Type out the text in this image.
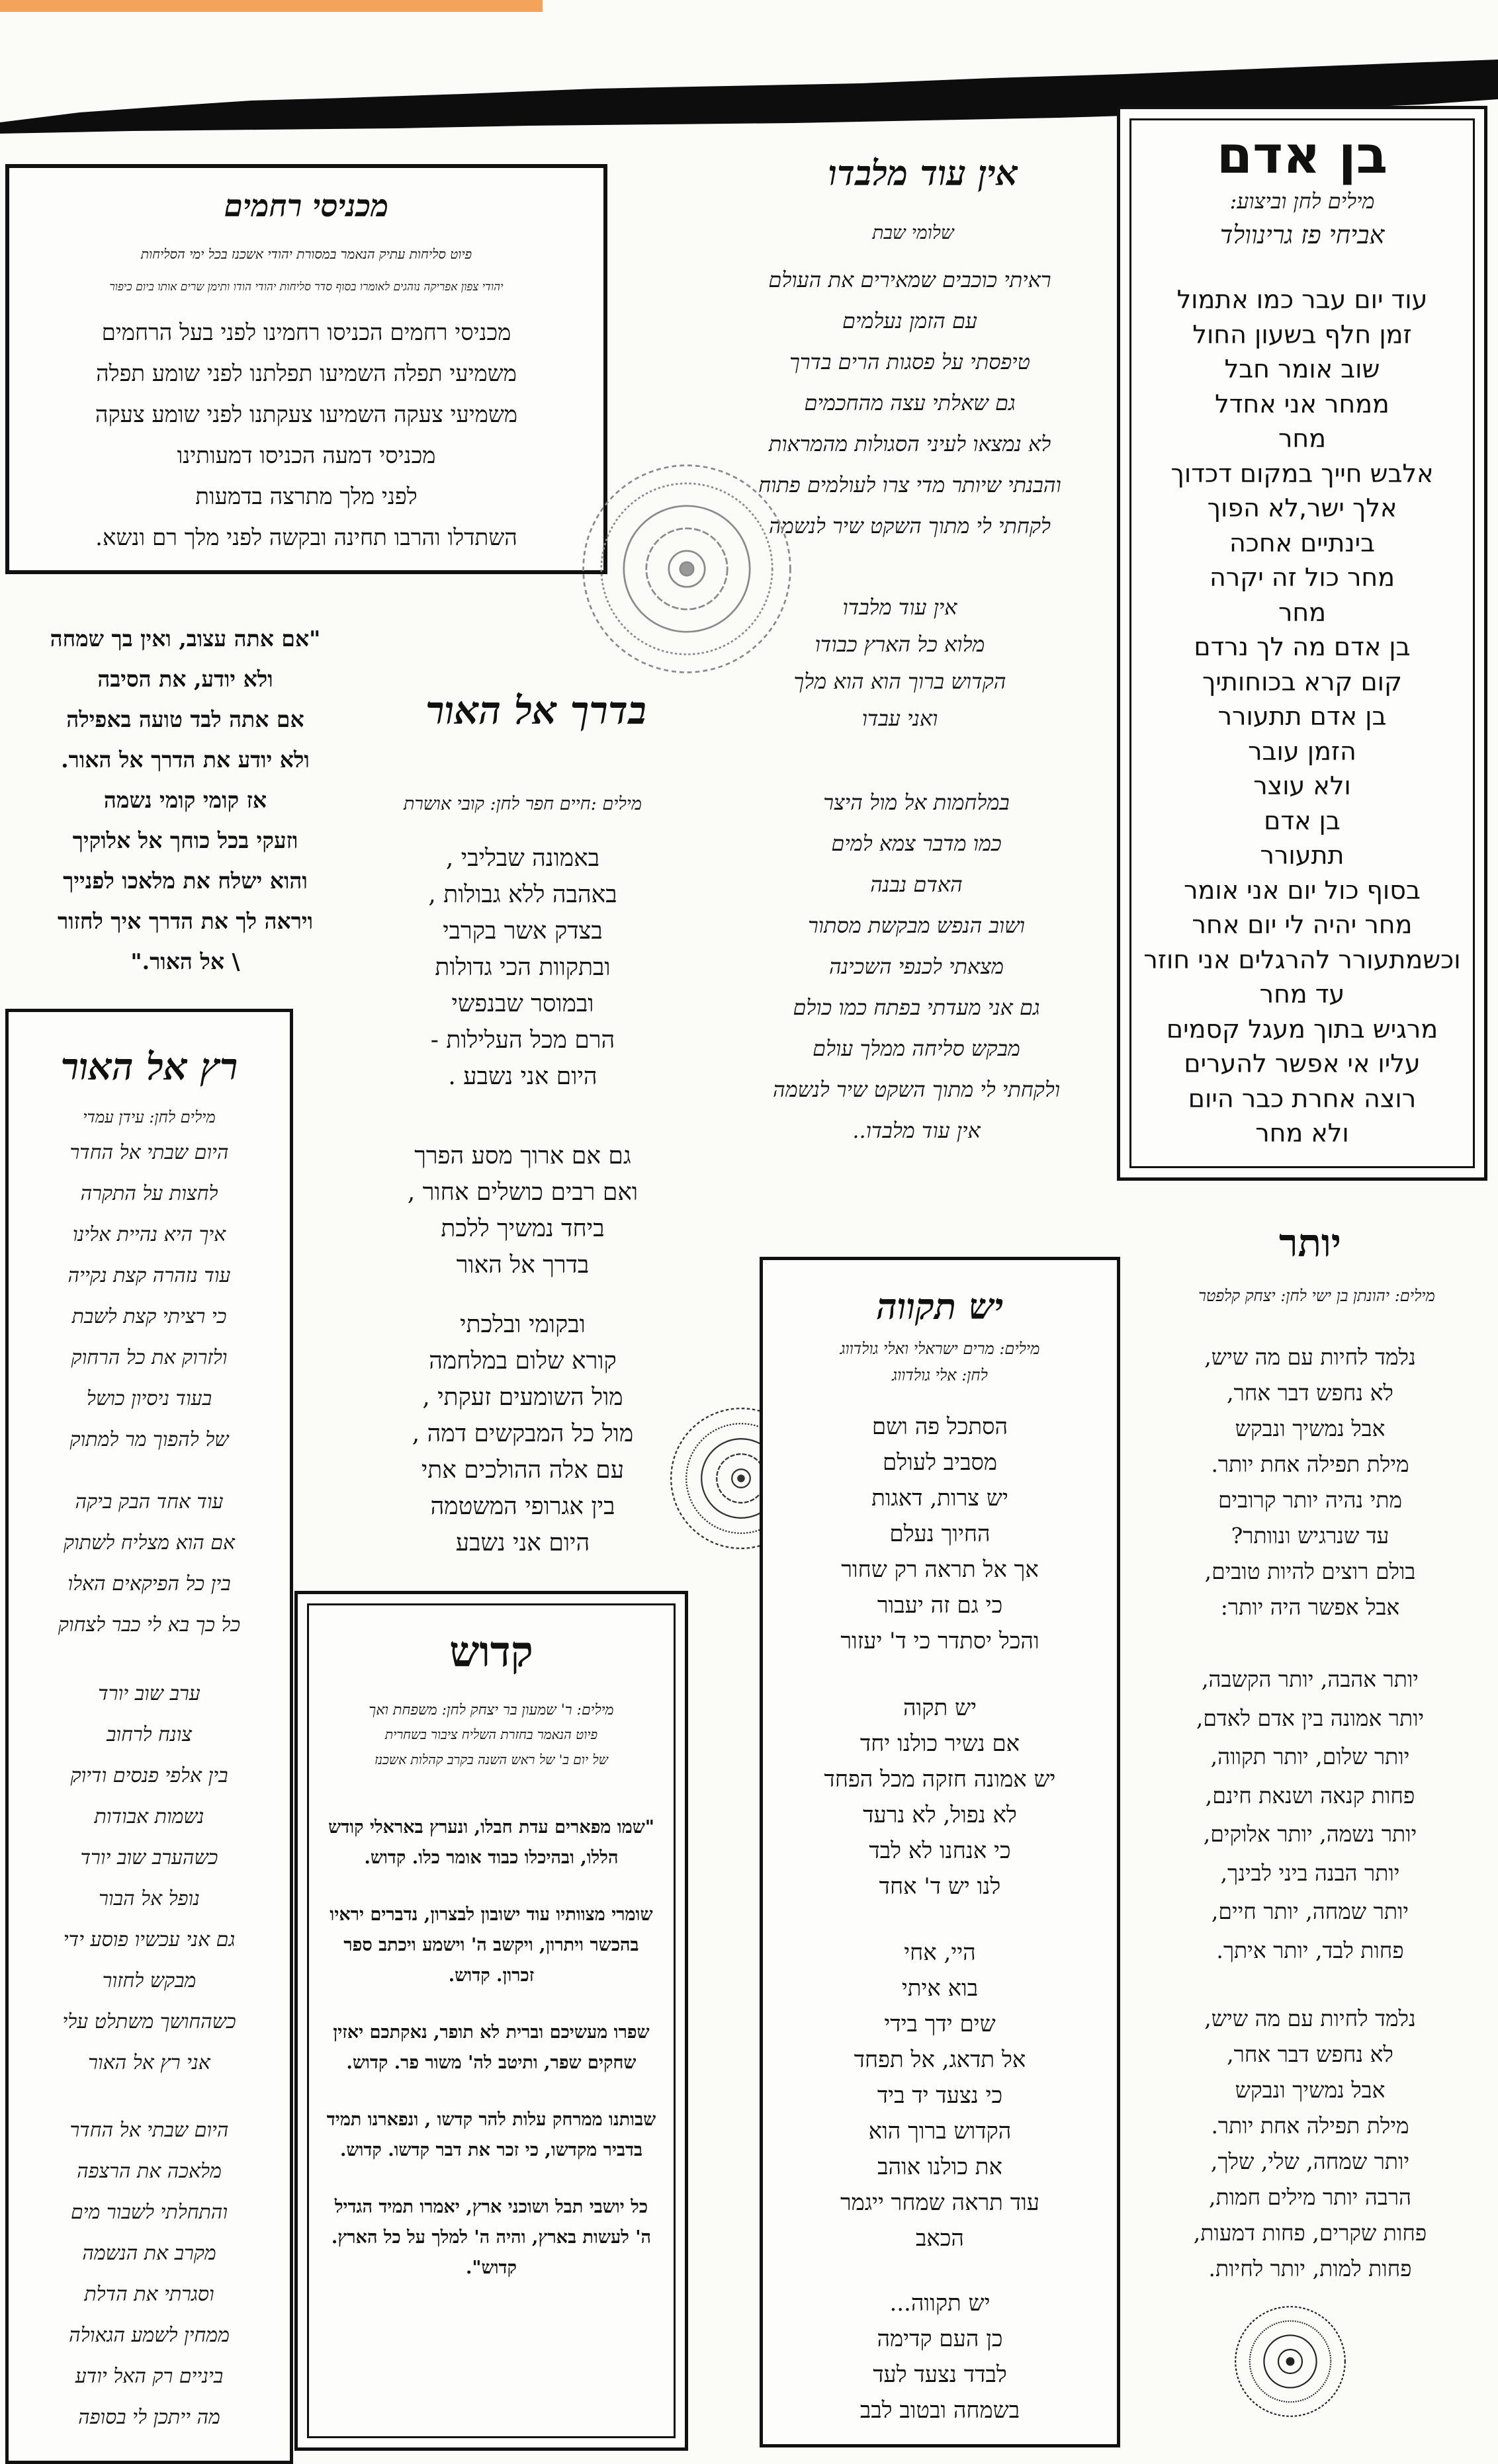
בן אדם
מילים לחן וביצוע:
אביחי פז גרינוולד
עוד יום עבר כמו אתמול
זמן חלף בשעון החול
שוב אומר חבל
ממחר אני אחדל
מחר
אלבש חייך במקום דכדוך
אלך ישר,לא הפוך
בינתיים אחכה
מחר כול זה יקרה
מחר
בן אדם מה לך נרדם
קום קרא בכוחותיך
בן אדם תתעורר
הזמן עובר
ולא עוצר
בן אדם
תתעורר
בסוף כול יום אני אומר
מחר יהיה לי יום אחר
וכשמתעורר להרגלים אני חוזר
עד מחר
מרגיש בתוך מעגל קסמים
עליו אי אפשר להערים
רוצה אחרת כבר היום
ולא מחר
אין עוד מלבדו
שלומי שבת
ראיתי כוכבים שמאירים את העולם
עם הזמן נעלמים
טיפסתי על פסגות הרים בדרך
גם שאלתי עצה מהחכמים
לא נמצאו לעיני הסגולות מהמראות
והבנתי שיותר מדי צרו לעולמים פתוח
לקחתי לי מתוך השקט שיר לנשמה
אין עוד מלבדו
מלוא כל הארץ כבודו
הקדוש ברוך הוא הוא מלך
ואני עבדו
במלחמות אל מול היצר
כמו מדבר צמא למים
האדם נבנה
ושוב הנפש מבקשת מסתור
מצאתי לכנפי השכינה
גם אני מעדתי בפתח כמו כולם
מבקש סליחה ממלך עולם
ולקחתי לי מתוך השקט שיר לנשמה
אין עוד מלבדו..
מכניסי רחמים
פיוט סליחות עתיק הנאמר במסורת יהודי אשכנז בכל ימי הסליחות
יהודי צפון אפריקה נוהגים לאומרו בסוף סדר סליחות יהודי הודו ותימן שרים אותו ביום כיפור
מכניסי רחמים הכניסו רחמינו לפני בעל הרחמים
משמיעי תפלה השמיעו תפלתנו לפני שומע תפלה
משמיעי צעקה השמיעו צעקתנו לפני שומע צעקה
מכניסי דמעה הכניסו דמעותינו
לפני מלך מתרצה בדמעות
השתדלו והרבו תחינה ובקשה לפני מלך רם ונשא.
"אם אתה עצוב, ואין בך שמחה
ולא יודע, את הסיבה
אם אתה לבד טועה באפילה
ולא יודע את הדרך אל האור.
אז קומי קומי נשמה
וזעקי בכל כוחך אל אלוקיך
והוא ישלח את מלאכו לפנייך
ויראה לך את הדרך איך לחזור
\ אל האור."
בדרך אל האור
מילים :חיים חפר לחן: קובי אושרת
באמונה שבליבי ,
באהבה ללא גבולות ,
בצדק אשר בקרבי
ובתקוות הכי גדולות
ובמוסר שבנפשי
הרם מכל העלילות -
היום אני נשבע .
גם אם ארוך מסע הפרך
ואם רבים כושלים אחור ,
ביחד נמשיך ללכת
בדרך אל האור
ובקומי ובלכתי
קורא שלום במלחמה
מול השומעים זעקתי ,
מול כל המבקשים דמה ,
עם אלה ההולכים אתי
בין אגרופי המשטמה
היום אני נשבע
רץ אל האור
מילים לחן: עידן עמדי
היום שבתי אל החדר
לחצות על התקרה
איך היא נהיית אלינו
עוד נזהרה קצת נקייה
כי רציתי קצת לשבת
ולזרוק את כל הרחוק
בעוד ניסיון כושל
של להפוך מר למתוק
עוד אחד הבק ביקה
אם הוא מצליח לשתוק
בין כל הפיקאים האלו
כל כך בא לי כבר לצחוק
ערב שוב יורד
צונח לרחוב
בין אלפי פנסים ודיוק
נשמות אבודות
כשהערב שוב יורד
נופל אל הבור
גם אני עכשיו פוסע ידי
מבקש לחזור
כשהחושך משתלט עלי
אני רץ אל האור
היום שבתי אל החדר
מלאכה את הרצפה
והתחלתי לשבור מים
מקרב את הנשמה
וסגרתי את הדלת
ממחין לשמע הגאולה
ביניים רק האל יודע
מה ייתכן לי בסופה
קדוש
מילים: ר' שמעון בר יצחק לחן: משפחת ואך
פיוט הנאמר בחזרת השליח ציבור בשחרית
של יום ב' של ראש השנה בקרב קהלות אשכנז

"שמו מפארים עדת חבלו, ונערץ באראלי קודש הללו, ובהיכלו כבוד אומר כלו. קדוש.

שומרי מצוותיו עוד ישובון לבצרון, נדברים יראיו בהכשר ויתרון, ויקשב ה' וישמע ויכתב ספר זכרון. קדוש.

שפרו מעשיכם וברית לא תופר, נאקתכם יאזין שחקים שפר, ותיטב לה' משור פר. קדוש.

שבותנו ממרחק עלות להר קדשו , ונפארנו תמיד בדביר מקדשו, כי זכר את דבר קדשו. קדוש.

כל יושבי תבל ושוכני ארץ, יאמרו תמיד הגדיל ה' לעשות בארץ, והיה ה' למלך על כל הארץ. קדוש".

יש תקווה
מילים: מרים ישראלי ואלי גולדווג
לחן: אלי גולדווג
הסתכל פה ושם
מסביב לעולם
יש צרות, דאגות
החיוך נעלם
אך אל תראה רק שחור
כי גם זה יעבור
והכל יסתדר כי ד' יעזור
יש תקוה
אם נשיר כולנו יחד
יש אמונה חזקה מכל הפחד
לא נפול, לא נרעד
כי אנחנו לא לבד
לנו יש ד' אחד
היי, אחי
בוא איתי
שים ידך בידי
אל תדאג, אל תפחד
כי נצעד יד ביד
הקדוש ברוך הוא
את כולנו אוהב
עוד תראה שמחר ייגמר
הכאב
יש תקווה...
כן העם קדימה
לבדד נצעד לעד
בשמחה ובטוב לבב
יותר
מילים: יהונתן בן ישי לחן: יצחק קלפטר
נלמד לחיות עם מה שיש,
לא נחפש דבר אחר,
אבל נמשיך ונבקש
מילת תפילה אחת יותר.
מתי נהיה יותר קרובים
עד שנרגיש ונוותר?
בולם רוצים להיות טובים,
אבל אפשר היה יותר:
יותר אהבה, יותר הקשבה,
יותר אמונה בין אדם לאדם,
יותר שלום, יותר תקווה,
פחות קנאה ושנאת חינם,
יותר נשמה, יותר אלוקים,
יותר הבנה ביני לבינך,
יותר שמחה, יותר חיים,
פחות לבד, יותר איתך.
נלמד לחיות עם מה שיש,
לא נחפש דבר אחר,
אבל נמשיך ונבקש
מילת תפילה אחת יותר.
יותר שמחה, שלי, שלך,
הרבה יותר מילים חמות,
פחות שקרים, פחות דמעות,
פחות למות, יותר לחיות.
